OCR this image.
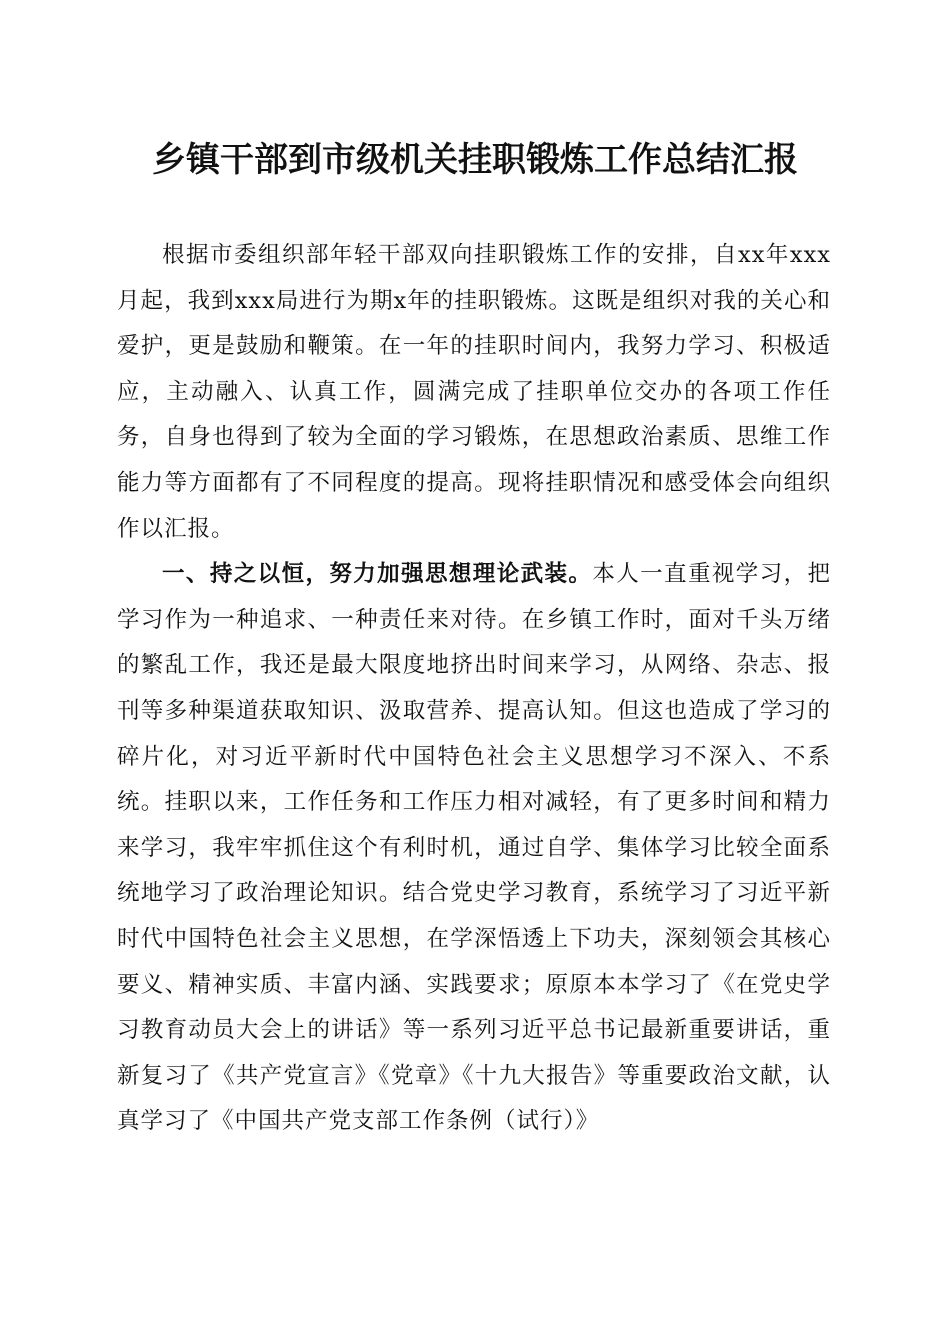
乡镇干部到市级机关挂职锻炼工作总结汇报

根据市委组织部年轻干部双向挂职锻炼工作的安排，自xx年xxx月起，我到xxx局进行为期x年的挂职锻炼。这既是组织对我的关心和爱护，更是鼓励和鞭策。在一年的挂职时间内，我努力学习、积极适应，主动融入、认真工作，圆满完成了挂职单位交办的各项工作任务，自身也得到了较为全面的学习锻炼，在思想政治素质、思维工作能力等方面都有了不同程度的提高。现将挂职情况和感受体会向组织作以汇报。

一、持之以恒，努力加强思想理论武装。本人一直重视学习，把学习作为一种追求、一种责任来对待。在乡镇工作时，面对千头万绪的繁乱工作，我还是最大限度地挤出时间来学习，从网络、杂志、报刊等多种渠道获取知识、汲取营养、提高认知。但这也造成了学习的碎片化，对习近平新时代中国特色社会主义思想学习不深入、不系统。挂职以来，工作任务和工作压力相对减轻，有了更多时间和精力来学习，我牢牢抓住这个有利时机，通过自学、集体学习比较全面系统地学习了政治理论知识。结合党史学习教育，系统学习了习近平新时代中国特色社会主义思想，在学深悟透上下功夫，深刻领会其核心要义、精神实质、丰富内涵、实践要求；原原本本学习了《在党史学习教育动员大会上的讲话》等一系列习近平总书记最新重要讲话，重新复习了《共产党宣言》《党章》《十九大报告》等重要政治文献，认真学习了《中国共产党支部工作条例（试行）》
